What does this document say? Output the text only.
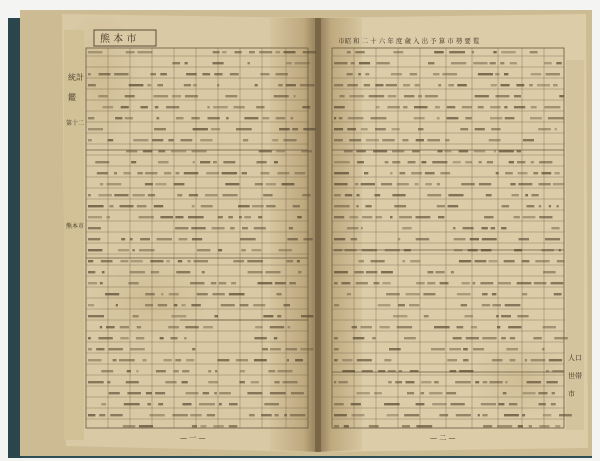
熊 本 市	市昭 和 二 十 六 年 度 歳 入 出 予 算 市 勢 要 覧
統計
鑑
第十二
熊本市
人口
世帯
市
— 一 —	— 二 —
